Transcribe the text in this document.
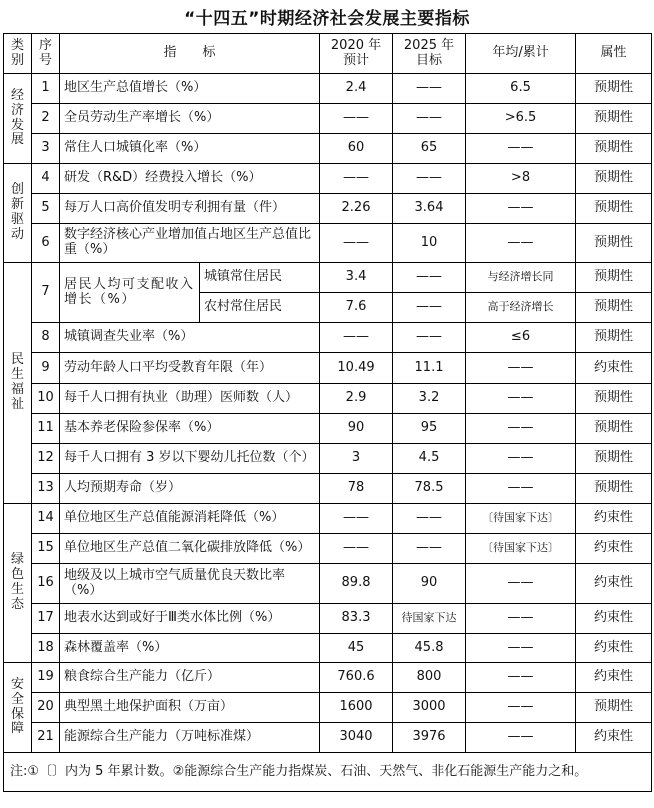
“十四五”时期经济社会发展主要指标
类别	序号	指　　标		2020 年预计	2025 年目标	年均/累计	属性
经济发展	1	地区生产总值增长（%）		2.4	——	6.5	预期性
	2	全员劳动生产率增长（%）		——	——	>6.5	预期性
	3	常住人口城镇化率（%）		60	65	——	预期性
创新驱动	4	研发（R&D）经费投入增长（%）		——	——	>8	预期性
	5	每万人口高价值发明专利拥有量（件）		2.26	3.64	——	预期性
	6	数字经济核心产业增加值占地区生产总值比重（%）		——	10	——	预期性
民生福祉	7	居民人均可支配收入增长（%）	城镇常住居民	3.4	——	与经济增长同	预期性
			农村常住居民	7.6	——	高于经济增长	预期性
	8	城镇调查失业率（%）		——	——	≤6	预期性
	9	劳动年龄人口平均受教育年限（年）		10.49	11.1	——	约束性
	10	每千人口拥有执业（助理）医师数（人）		2.9	3.2	——	预期性
	11	基本养老保险参保率（%）		90	95	——	预期性
	12	每千人口拥有 3 岁以下婴幼儿托位数（个）		3	4.5	——	预期性
	13	人均预期寿命（岁）		78	78.5	——	预期性
绿色生态	14	单位地区生产总值能源消耗降低（%）		——	——	〔待国家下达〕	约束性
	15	单位地区生产总值二氧化碳排放降低（%）		——	——	〔待国家下达〕	约束性
	16	地级及以上城市空气质量优良天数比率（%）		89.8	90	——	约束性
	17	地表水达到或好于Ⅲ类水体比例（%）		83.3	待国家下达	——	约束性
	18	森林覆盖率（%）		45	45.8	——	约束性
安全保障	19	粮食综合生产能力（亿斤）		760.6	800	——	约束性
	20	典型黑土地保护面积（万亩）		1600	3000	——	预期性
	21	能源综合生产能力（万吨标准煤）		3040	3976	——	约束性
注:①〔〕内为 5 年累计数。②能源综合生产能力指煤炭、石油、天然气、非化石能源生产能力之和。							
